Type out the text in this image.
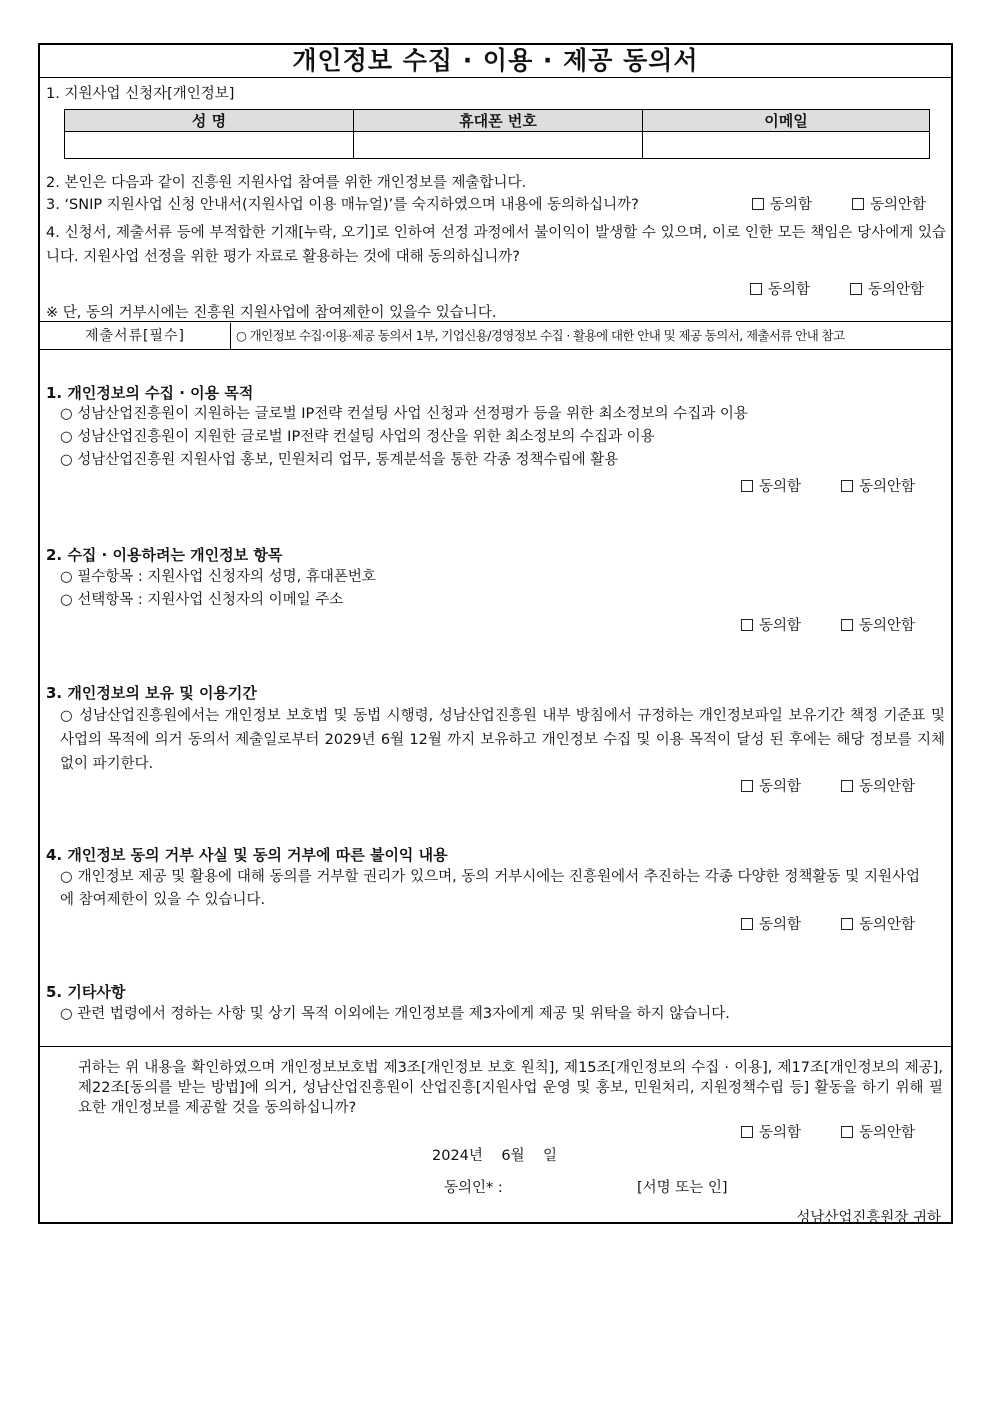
개인정보 수집 · 이용 · 제공 동의서
1. 지원사업 신청자[개인정보]
성 명	휴대폰 번호	이메일

2. 본인은 다음과 같이 진흥원 지원사업 참여를 위한 개인정보를 제출합니다.
3. ‘SNIP 지원사업 신청 안내서(지원사업 이용 매뉴얼)’를 숙지하였으며 내용에 동의하십니까?	동의함	동의안함
4. 신청서, 제출서류 등에 부적합한 기재[누락, 오기]로 인하여 선정 과정에서 불이익이 발생할 수 있으며, 이로 인한 모든 책임은 당사에게 있습니다. 지원사업 선정을 위한 평가 자료로 활용하는 것에 대해 동의하십니까?
동의함	동의안함
※ 단, 동의 거부시에는 진흥원 지원사업에 참여제한이 있을수 있습니다.
제출서류[필수]	○ 개인정보 수집·이용·제공 동의서 1부, 기업신용/경영정보 수집 · 활용에 대한 안내 및 제공 동의서, 제출서류 안내 참고
1. 개인정보의 수집 · 이용 목적
○ 성남산업진흥원이 지원하는 글로벌 IP전략 컨설팅 사업 신청과 선정평가 등을 위한 최소정보의 수집과 이용
○ 성남산업진흥원이 지원한 글로벌 IP전략 컨설팅 사업의 정산을 위한 최소정보의 수집과 이용
○ 성남산업진흥원 지원사업 홍보, 민원처리 업무, 통계분석을 통한 각종 정책수립에 활용
동의함	동의안함
2. 수집 · 이용하려는 개인정보 항목
○ 필수항목 : 지원사업 신청자의 성명, 휴대폰번호
○ 선택항목 : 지원사업 신청자의 이메일 주소
동의함	동의안함
3. 개인정보의 보유 및 이용기간
○ 성남산업진흥원에서는 개인정보 보호법 및 동법 시행령, 성남산업진흥원 내부 방침에서 규정하는 개인정보파일 보유기간 책정 기준표 및 사업의 목적에 의거 동의서 제출일로부터 2029년 6월 12월 까지 보유하고 개인정보 수집 및 이용 목적이 달성 된 후에는 해당 정보를 지체 없이 파기한다.
동의함	동의안함
4. 개인정보 동의 거부 사실 및 동의 거부에 따른 불이익 내용
○ 개인정보 제공 및 활용에 대해 동의를 거부할 권리가 있으며, 동의 거부시에는 진흥원에서 추진하는 각종 다양한 정책활동 및 지원사업에 참여제한이 있을 수 있습니다.
동의함	동의안함
5. 기타사항
○ 관련 법령에서 정하는 사항 및 상기 목적 이외에는 개인정보를 제3자에게 제공 및 위탁을 하지 않습니다.
귀하는 위 내용을 확인하였으며 개인정보보호법 제3조[개인정보 보호 원칙], 제15조[개인정보의 수집 · 이용], 제17조[개인정보의 제공], 제22조[동의를 받는 방법]에 의거, 성남산업진흥원이 산업진흥[지원사업 운영 및 홍보, 민원처리, 지원정책수립 등] 활동을 하기 위해 필요한 개인정보를 제공할 것을 동의하십니까?
동의함	동의안함
2024년    6월    일
동의인* :	[서명 또는 인]
성남산업진흥원장 귀하
